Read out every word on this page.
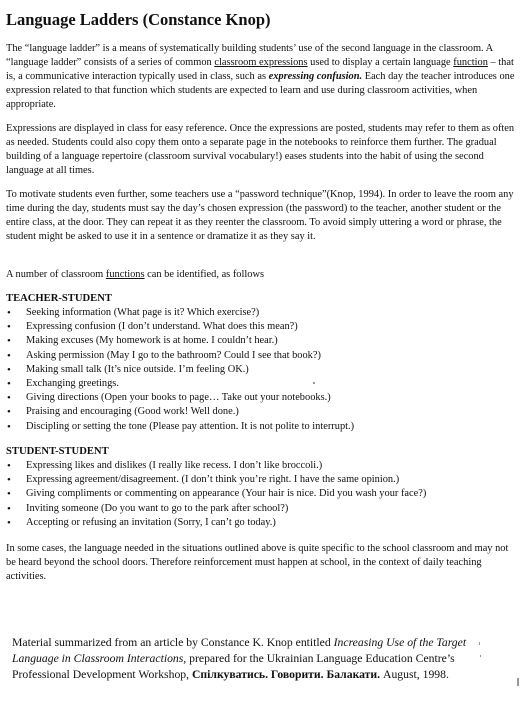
Language Ladders (Constance Knop)

The “language ladder” is a means of systematically building students’ use of the second language in the classroom. A “language ladder” consists of a series of common classroom expressions used to display a certain language function – that is, a communicative interaction typically used in class, such as expressing confusion. Each day the teacher introduces one expression related to that function which students are expected to learn and use during classroom activities, when appropriate.

Expressions are displayed in class for easy reference. Once the expressions are posted, students may refer to them as often as needed. Students could also copy them onto a separate page in the notebooks to reinforce them further. The gradual building of a language repertoire (classroom survival vocabulary!) eases students into the habit of using the second language at all times.

To motivate students even further, some teachers use a “password technique”(Knop, 1994). In order to leave the room any time during the day, students must say the day’s chosen expression (the password) to the teacher, another student or the entire class, at the door. They can repeat it as they reenter the classroom. To avoid simply uttering a word or phrase, the student might be asked to use it in a sentence or dramatize it as they say it.

A number of classroom functions can be identified, as follows

TEACHER-STUDENT
• Seeking information (What page is it? Which exercise?)
• Expressing confusion (I don’t understand. What does this mean?)
• Making excuses (My homework is at home. I couldn’t hear.)
• Asking permission (May I go to the bathroom? Could I see that book?)
• Making small talk (It’s nice outside. I’m feeling OK.)
• Exchanging greetings.
• Giving directions (Open your books to page… Take out your notebooks.)
• Praising and encouraging (Good work! Well done.)
• Discipling or setting the tone (Please pay attention. It is not polite to interrupt.)
STUDENT-STUDENT
• Expressing likes and dislikes (I really like recess. I don’t like broccoli.)
• Expressing agreement/disagreement. (I don’t think you’re right. I have the same opinion.)
• Giving compliments or commenting on appearance (Your hair is nice. Did you wash your face?)
• Inviting someone (Do you want to go to the park after school?)
• Accepting or refusing an invitation (Sorry, I can’t go today.)

In some cases, the language needed in the situations outlined above is quite specific to the school classroom and may not be heard beyond the school doors. Therefore reinforcement must happen at school, in the context of daily teaching activities.

Material summarized from an article by Constance K. Knop entitled Increasing Use of the Target Language in Classroom Interactions, prepared for the Ukrainian Language Education Centre’s Professional Development Workshop, Спілкуватись. Говорити. Балакати. August, 1998.
